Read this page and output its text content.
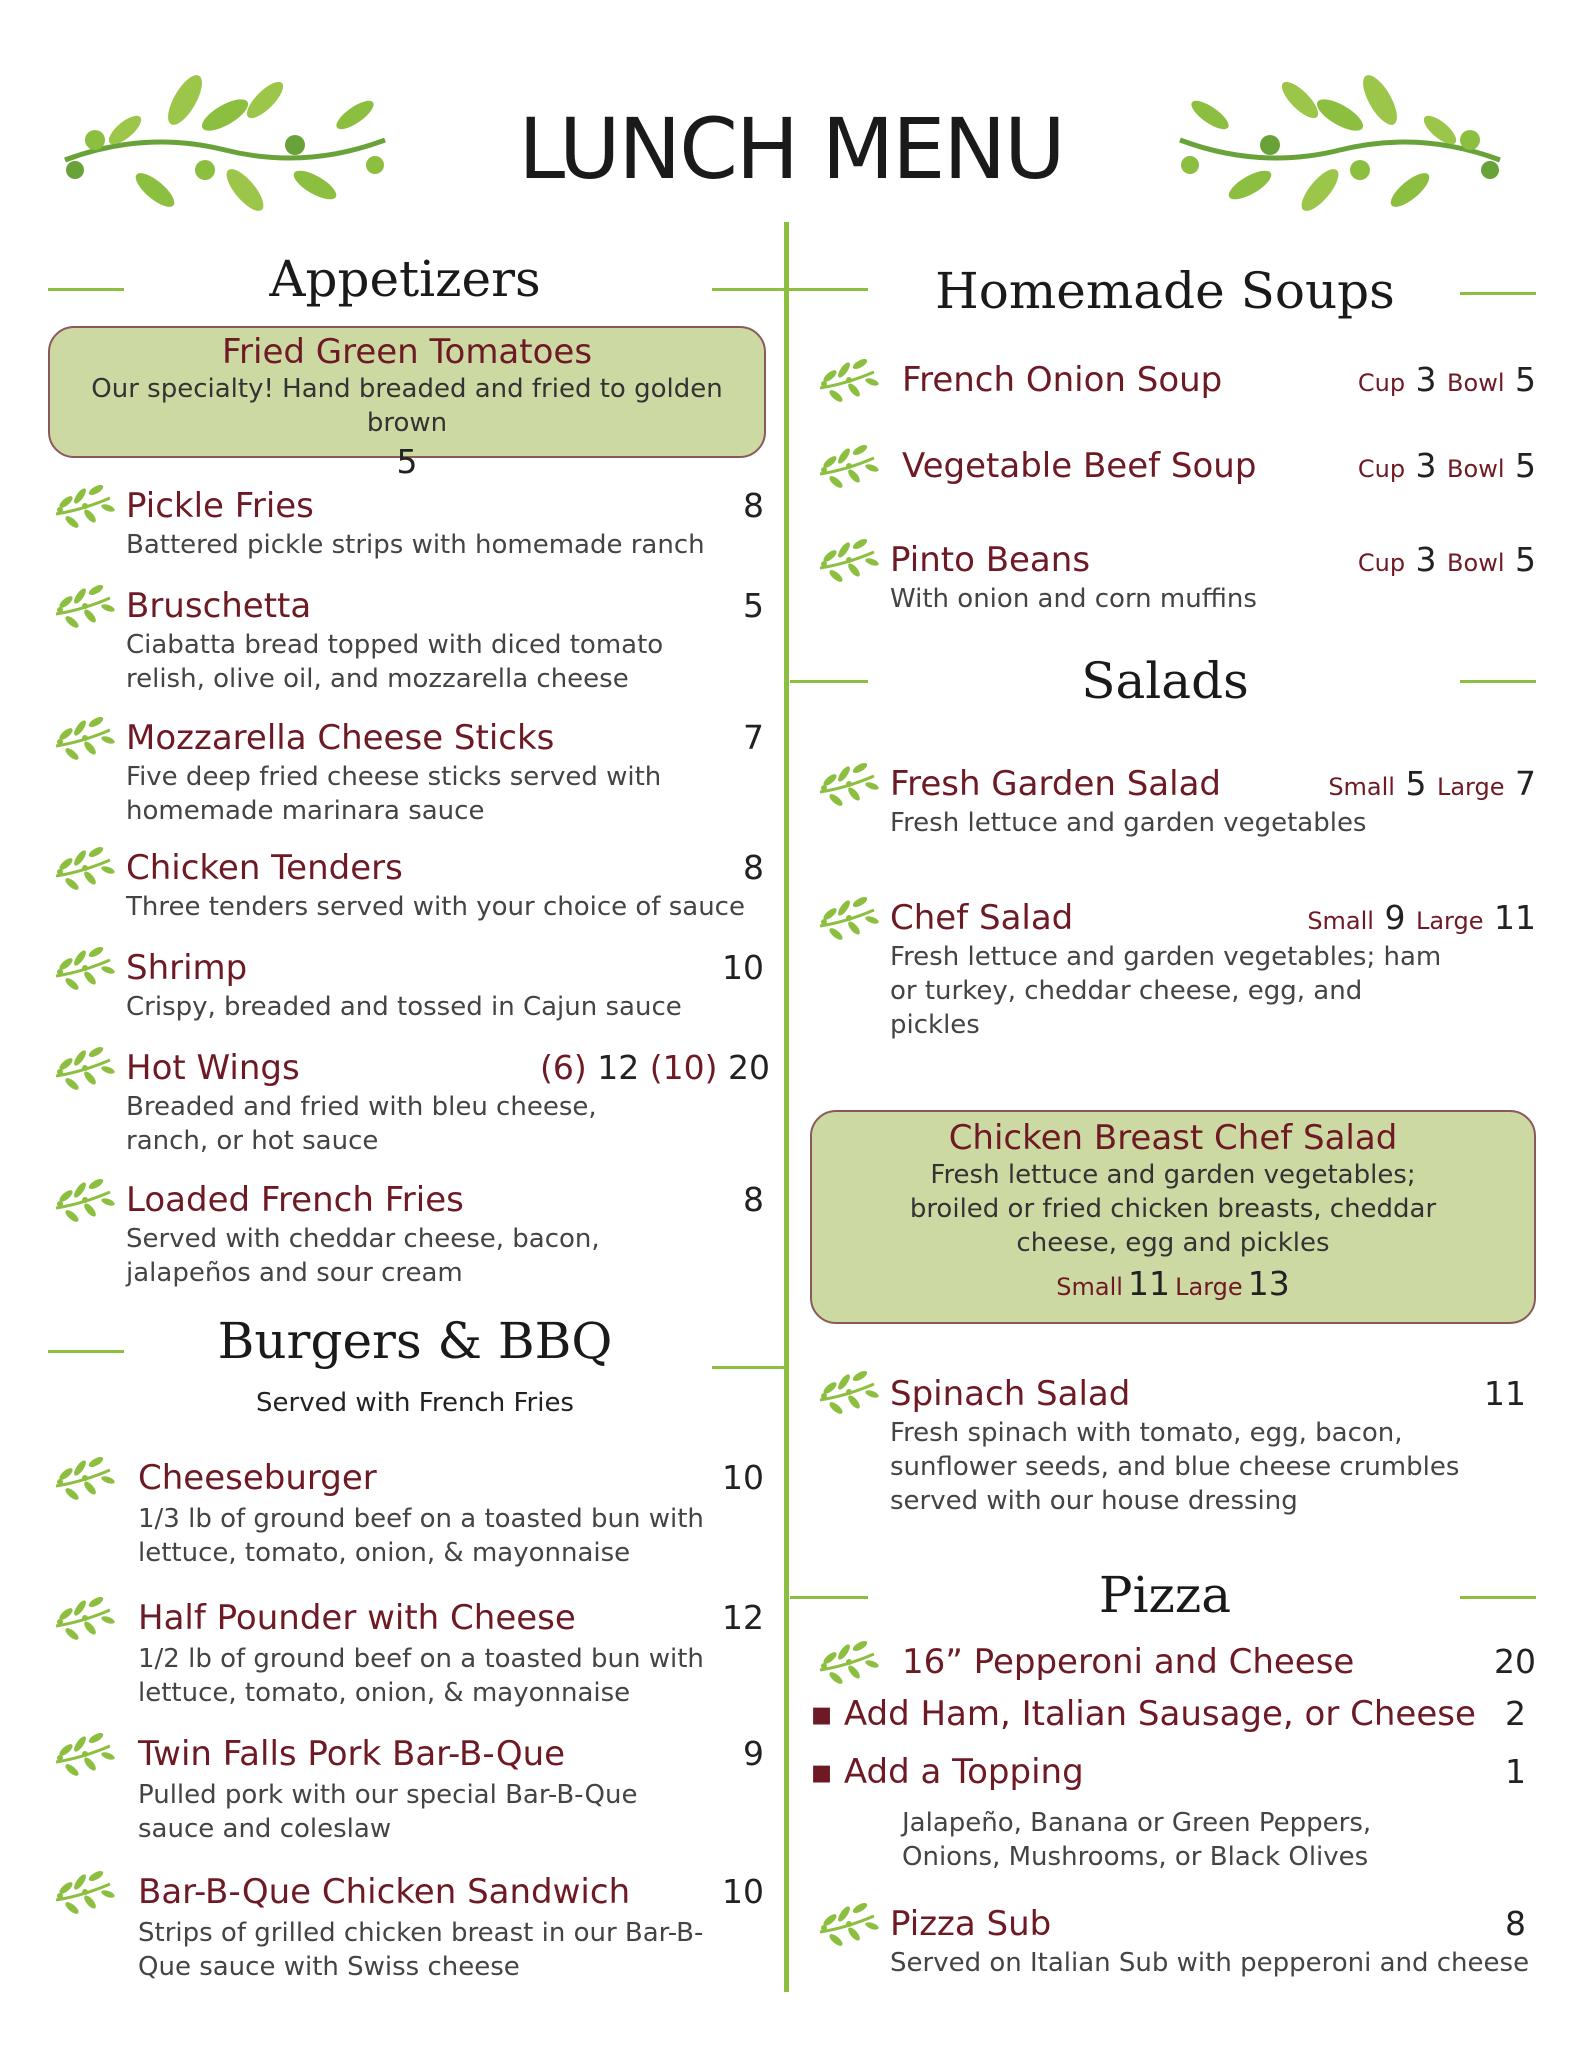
LUNCH MENU
Appetizers
Fried Green Tomatoes
Our specialty! Hand breaded and fried to golden brown
5
Pickle Fries	8
Battered pickle strips with homemade ranch
Bruschetta	5
Ciabatta bread topped with diced tomato relish, olive oil, and mozzarella cheese
Mozzarella Cheese Sticks	7
Five deep fried cheese sticks served with homemade marinara sauce
Chicken Tenders	8
Three tenders served with your choice of sauce
Shrimp	10
Crispy, breaded and tossed in Cajun sauce
Hot Wings	(6) 12 (10) 20
Breaded and fried with bleu cheese, ranch, or hot sauce
Loaded French Fries	8
Served with cheddar cheese, bacon, jalapeños and sour cream
Burgers & BBQ
Served with French Fries
Cheeseburger	10
1/3 lb of ground beef on a toasted bun with lettuce, tomato, onion, & mayonnaise
Half Pounder with Cheese	12
1/2 lb of ground beef on a toasted bun with lettuce, tomato, onion, & mayonnaise
Twin Falls Pork Bar-B-Que	9
Pulled pork with our special Bar-B-Que sauce and coleslaw
Bar-B-Que Chicken Sandwich	10
Strips of grilled chicken breast in our Bar-B-Que sauce with Swiss cheese
Homemade Soups
French Onion Soup	Cup 3 Bowl 5
Vegetable Beef Soup	Cup 3 Bowl 5
Pinto Beans	Cup 3 Bowl 5
With onion and corn muffins
Salads
Fresh Garden Salad	Small 5 Large 7
Fresh lettuce and garden vegetables
Chef Salad	Small 9 Large 11
Fresh lettuce and garden vegetables; ham or turkey, cheddar cheese, egg, and pickles
Chicken Breast Chef Salad
Fresh lettuce and garden vegetables; broiled or fried chicken breasts, cheddar cheese, egg and pickles
Small 11 Large 13
Spinach Salad	11
Fresh spinach with tomato, egg, bacon, sunflower seeds, and blue cheese crumbles served with our house dressing
Pizza
16” Pepperoni and Cheese	20
▪ Add Ham, Italian Sausage, or Cheese 2
▪ Add a Topping	1
Jalapeño, Banana or Green Peppers, Onions, Mushrooms, or Black Olives
Pizza Sub	8
Served on Italian Sub with pepperoni and cheese
